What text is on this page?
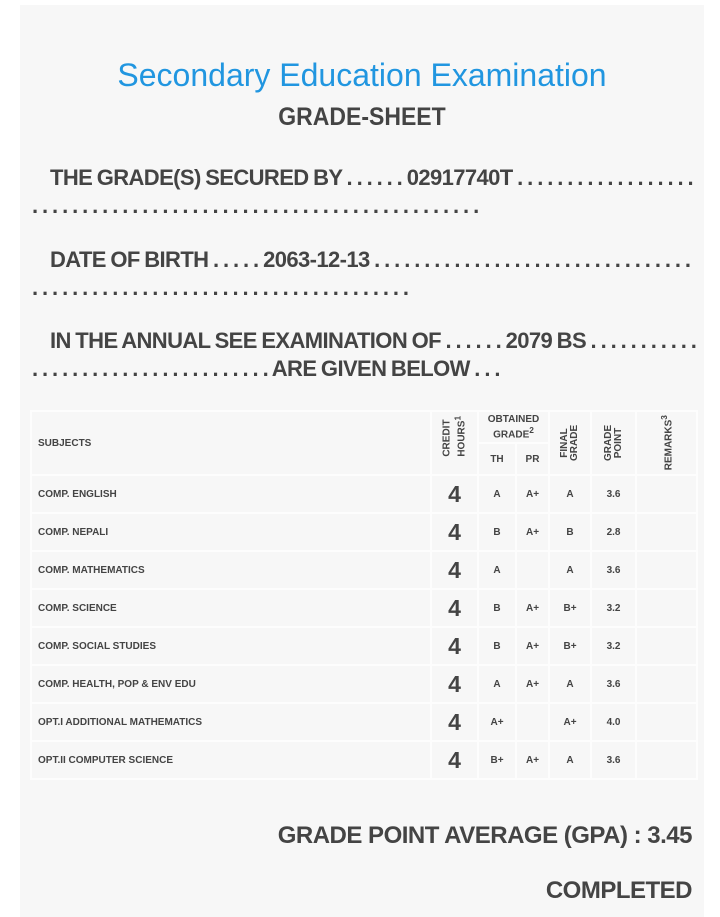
Secondary Education Examination
GRADE-SHEET
THE GRADE(S) SECURED BY . . . . . . 02917740T . . . . . . . . . . . . . . . . . . . . . . . . . . . . . . . . . . . . . . . . . . . . . . . . . . . . . . . . . . . . . . .
DATE OF BIRTH . . . . . 2063-12-13 . . . . . . . . . . . . . . . . . . . . . . . . . . . . . . . . . . . . . . . . . . . . . . . . . . . . . . . . . . . . . . . . . . . . . .
IN THE ANNUAL SEE EXAMINATION OF . . . . . . 2079 BS . . . . . . . . . . . . . . . . . . . . . . . . . . . . . . . . . . . ARE GIVEN BELOW . . .
SUBJECTS	CREDIT HOURS$^1$	OBTAINED GRADE$^2$		FINAL GRADE	GRADE POINT	REMARKS$^3$
		TH	PR			
COMP. ENGLISH	4	A	A+	A	3.6	
COMP. NEPALI	4	B	A+	B	2.8	
COMP. MATHEMATICS	4	A		A	3.6	
COMP. SCIENCE	4	B	A+	B+	3.2	
COMP. SOCIAL STUDIES	4	B	A+	B+	3.2	
COMP. HEALTH, POP & ENV EDU	4	A	A+	A	3.6	
OPT.I ADDITIONAL MATHEMATICS	4	A+		A+	4.0	
OPT.II COMPUTER SCIENCE	4	B+	A+	A	3.6	
GRADE POINT AVERAGE (GPA) : 3.45
COMPLETED
